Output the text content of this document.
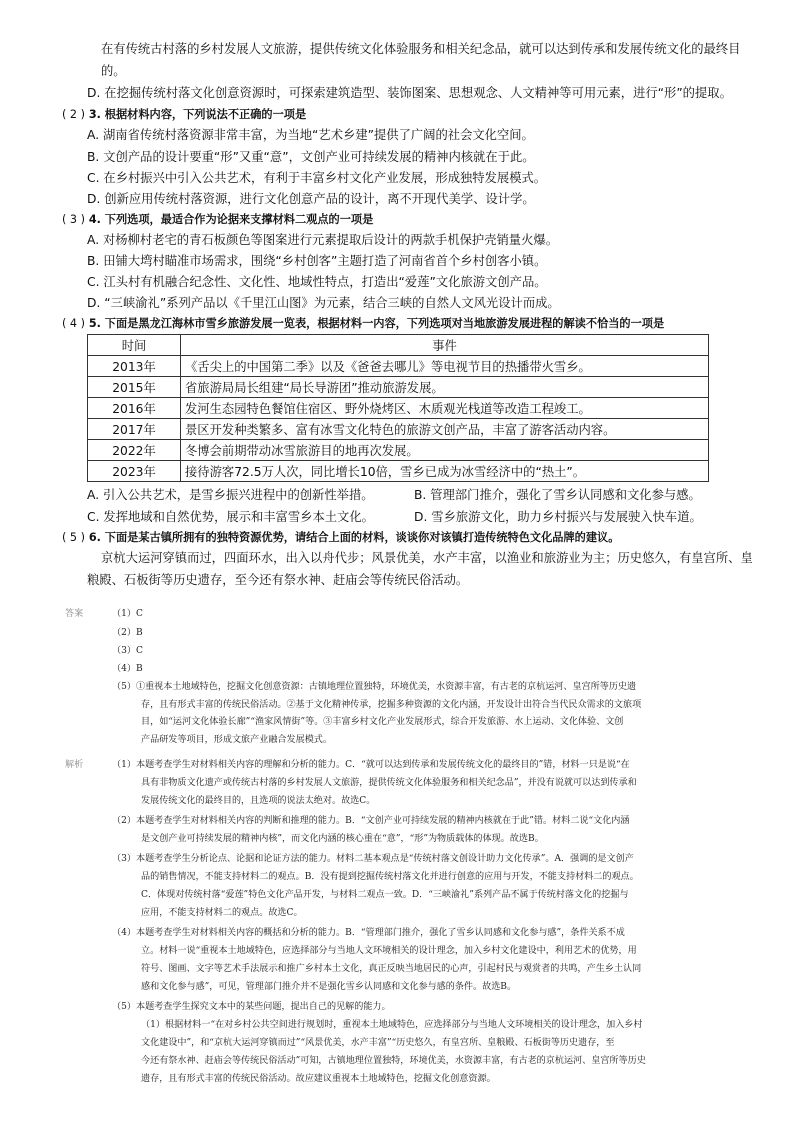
在有传统古村落的乡村发展人文旅游，提供传统文化体验服务和相关纪念品，就可以达到传承和发展传统文化的最终目
的。
D. 在挖掘传统村落文化创意资源时，可探索建筑造型、装饰图案、思想观念、人文精神等可用元素，进行“形”的提取。
( 2 ) 3. 根据材料内容，下列说法不正确的一项是
A. 湖南省传统村落资源非常丰富，为当地“艺术乡建”提供了广阔的社会文化空间。
B. 文创产品的设计要重“形”又重“意”，文创产业可持续发展的精神内核就在于此。
C. 在乡村振兴中引入公共艺术，有利于丰富乡村文化产业发展，形成独特发展模式。
D. 创新应用传统村落资源，进行文化创意产品的设计，离不开现代美学、设计学。
( 3 ) 4. 下列选项，最适合作为论据来支撑材料二观点的一项是
A. 对杨柳村老宅的青石板颜色等图案进行元素提取后设计的两款手机保护壳销量火爆。
B. 田铺大塆村瞄准市场需求，围绕“乡村创客”主题打造了河南省首个乡村创客小镇。
C. 江头村有机融合纪念性、文化性、地域性特点，打造出“爱莲”文化旅游文创产品。
D. “三峡渝礼”系列产品以《千里江山图》为元素，结合三峡的自然人文风光设计而成。
( 4 ) 5. 下面是黑龙江海林市雪乡旅游发展一览表，根据材料一内容，下列选项对当地旅游发展进程的解读不恰当的一项是
时间	事件
2013年	《舌尖上的中国第二季》以及《爸爸去哪儿》等电视节目的热播带火雪乡。
2015年	省旅游局局长组建“局长导游团”推动旅游发展。
2016年	发河生态园特色餐馆住宿区、野外烧烤区、木质观光栈道等改造工程竣工。
2017年	景区开发种类繁多、富有冰雪文化特色的旅游文创产品，丰富了游客活动内容。
2022年	冬博会前期带动冰雪旅游目的地再次发展。
2023年	接待游客72.5万人次，同比增长10倍，雪乡已成为冰雪经济中的“热土”。
A. 引入公共艺术，是雪乡振兴进程中的创新性举措。	B. 管理部门推介，强化了雪乡认同感和文化参与感。
C. 发挥地域和自然优势，展示和丰富雪乡本土文化。	D. 雪乡旅游文化，助力乡村振兴与发展驶入快车道。
( 5 ) 6. 下面是某古镇所拥有的独特资源优势，请结合上面的材料，谈谈你对该镇打造传统特色文化品牌的建议。
京杭大运河穿镇而过，四面环水，出入以舟代步；风景优美，水产丰富，以渔业和旅游业为主；历史悠久，有皇宫所、皇
粮殿、石板街等历史遗存，至今还有祭水神、赶庙会等传统民俗活动。
答案	（1）C
（2）B
（3）C
（4）B
（5）①重视本土地域特色，挖掘文化创意资源：古镇地理位置独特，环境优美，水资源丰富，有古老的京杭运河、皇宫所等历史遗
存，且有形式丰富的传统民俗活动。②基于文化精神传承，挖掘多种资源的文化内涵，开发设计出符合当代民众需求的文旅项
目，如“运河文化体验长廊”“渔家风情街”等。③丰富乡村文化产业发展形式，综合开发旅游、水上运动、文化体验、文创
产品研发等项目，形成文旅产业融合发展模式。
解析	（1）本题考查学生对材料相关内容的理解和分析的能力。C．“就可以达到传承和发展传统文化的最终目的”错，材料一只是说“在
具有非物质文化遗产或传统古村落的乡村发展人文旅游，提供传统文化体验服务和相关纪念品”，并没有说就可以达到传承和
发展传统文化的最终目的，且选项的说法太绝对。故选C。
（2）本题考查学生对材料相关内容的判断和推理的能力。B．“文创产业可持续发展的精神内核就在于此”错。材料二说“文化内涵
是文创产业可持续发展的精神内核”，而文化内涵的核心重在“意”，“形”为物质载体的体现。故选B。
（3）本题考查学生分析论点、论据和论证方法的能力。材料二基本观点是“传统村落文创设计助力文化传承”。A．强调的是文创产
品的销售情况，不能支持材料二的观点。B．没有提到挖掘传统村落文化并进行创意的应用与开发，不能支持材料二的观点。
C．体现对传统村落“爱莲”特色文化产品开发，与材料二观点一致。D．“三峡渝礼”系列产品不属于传统村落文化的挖掘与
应用，不能支持材料二的观点。故选C。
（4）本题考查学生对材料相关内容的概括和分析的能力。B．“管理部门推介，强化了雪乡认同感和文化参与感”，条件关系不成
立。材料一说“重视本土地域特色，应选择部分与当地人文环境相关的设计理念，加入乡村文化建设中，利用艺术的优势，用
符号、图画、文字等艺术手法展示和推广乡村本土文化，真正反映当地居民的心声，引起村民与观赏者的共鸣，产生乡土认同
感和文化参与感”，可见，管理部门推介并不是强化雪乡认同感和文化参与感的条件。故选B。
（5）本题考查学生探究文本中的某些问题，提出自己的见解的能力。
（1）根据材料一“在对乡村公共空间进行规划时，重视本土地域特色，应选择部分与当地人文环境相关的设计理念，加入乡村
文化建设中”，和“京杭大运河穿镇而过”“风景优美，水产丰富”“历史悠久，有皇宫所、皇粮殿、石板街等历史遗存，至
今还有祭水神、赶庙会等传统民俗活动”可知，古镇地理位置独特，环境优美，水资源丰富，有古老的京杭运河、皇宫所等历史
遗存，且有形式丰富的传统民俗活动。故应建议重视本土地域特色，挖掘文化创意资源。
